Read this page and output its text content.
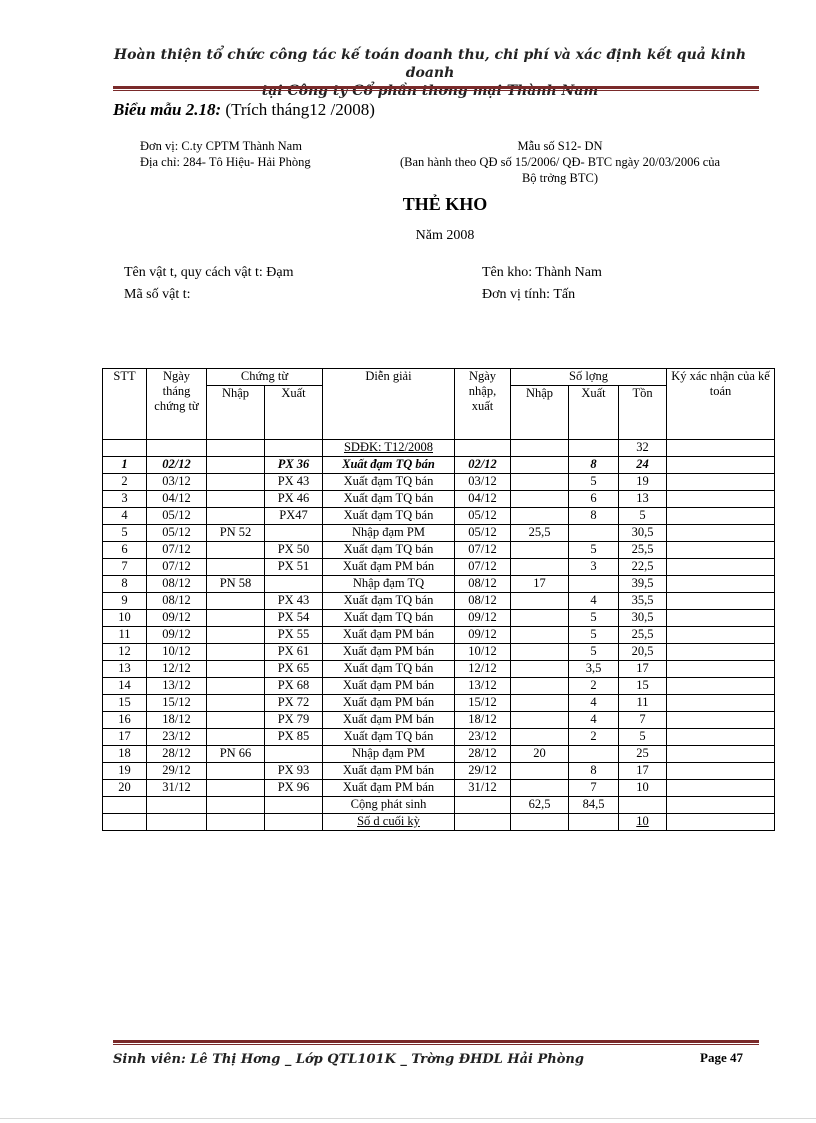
Hoàn thiện tổ chức công tác kế toán doanh thu, chi phí và xác định kết quả kinh doanh
tại Công ty Cổ phần thơng mại Thành Nam
Biểu mẫu 2.18: (Trích tháng12 /2008)
Đơn vị: C.ty CPTM Thành Nam
Địa chỉ: 284- Tô Hiệu- Hải Phòng
Mẫu số S12- DN
(Ban hành theo QĐ số 15/2006/ QĐ- BTC ngày 20/03/2006 của
Bộ trởng BTC)
THẺ KHO
Năm 2008
Tên vật t, quy cách vật t: Đạm
Mã số vật t:
Tên kho: Thành Nam
Đơn vị tính: Tấn
STT	Ngày tháng chứng từ	Chứng từ		Diễn giải	Ngày nhập, xuất	Số lợng			Ký xác nhận của kế toán
		Nhập	Xuất			Nhập	Xuất	Tồn	
				SDĐK: T12/2008				32	
1	02/12		PX 36	Xuất đạm TQ bán	02/12		8	24	
2	03/12		PX 43	Xuất đạm TQ bán	03/12		5	19	
3	04/12		PX 46	Xuất đạm TQ bán	04/12		6	13	
4	05/12		PX47	Xuất đạm TQ bán	05/12		8	5	
5	05/12	PN 52		Nhập đạm PM	05/12	25,5		30,5	
6	07/12		PX 50	Xuất đạm TQ bán	07/12		5	25,5	
7	07/12		PX 51	Xuất đạm PM bán	07/12		3	22,5	
8	08/12	PN 58		Nhập đạm TQ	08/12	17		39,5	
9	08/12		PX 43	Xuất đạm TQ bán	08/12		4	35,5	
10	09/12		PX 54	Xuất đạm TQ bán	09/12		5	30,5	
11	09/12		PX 55	Xuất đạm PM bán	09/12		5	25,5	
12	10/12		PX 61	Xuất đạm PM bán	10/12		5	20,5	
13	12/12		PX 65	Xuất đạm TQ bán	12/12		3,5	17	
14	13/12		PX 68	Xuất đạm PM bán	13/12		2	15	
15	15/12		PX 72	Xuất đạm PM bán	15/12		4	11	
16	18/12		PX 79	Xuất đạm PM bán	18/12		4	7	
17	23/12		PX 85	Xuất đạm TQ bán	23/12		2	5	
18	28/12	PN 66		Nhập đạm PM	28/12	20		25	
19	29/12		PX 93	Xuất đạm PM bán	29/12		8	17	
20	31/12		PX 96	Xuất đạm PM bán	31/12		7	10	
				Cộng phát sinh		62,5	84,5		
				Số d cuối kỳ				10	
Sinh viên: Lê Thị Hơng _ Lớp QTL101K _ Trờng ĐHDL Hải Phòng	Page 47
